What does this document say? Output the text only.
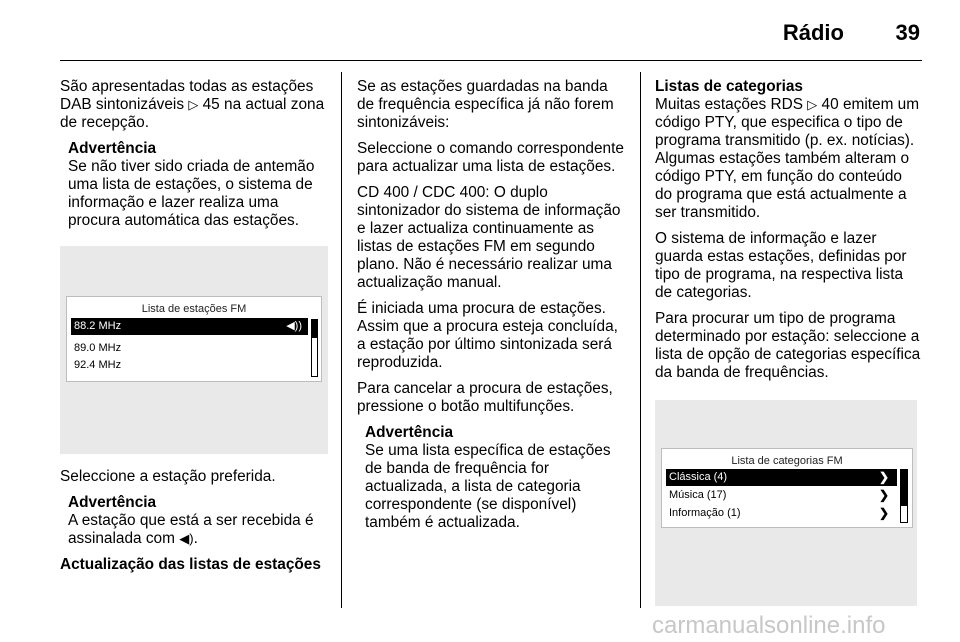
Rádio 39

São apresentadas todas as estações DAB sintonizáveis ▷ 45 na actual zona de recepção.

Advertência
Se não tiver sido criada de antemão uma lista de estações, o sistema de informação e lazer realiza uma procura automática das estações.
Lista de estações FM
88.2 MHz	◀))
89.0 MHz
92.4 MHz

Seleccione a estação preferida.

Advertência
A estação que está a ser recebida é assinalada com ◀).
Actualização das listas de estações

Se as estações guardadas na banda de frequência específica já não forem sintonizáveis:

Seleccione o comando correspondente para actualizar uma lista de estações.

CD 400 / CDC 400: O duplo sintonizador do sistema de informação e lazer actualiza continuamente as listas de estações FM em segundo plano. Não é necessário realizar uma actualização manual.

É iniciada uma procura de estações. Assim que a procura esteja concluída, a estação por último sintonizada será reproduzida.

Para cancelar a procura de estações, pressione o botão multifunções.

Advertência
Se uma lista específica de estações de banda de frequência for actualizada, a lista de categoria correspondente (se disponível) também é actualizada.
Listas de categorias

Muitas estações RDS ▷ 40 emitem um código PTY, que especifica o tipo de programa transmitido (p. ex. notícias). Algumas estações também alteram o código PTY, em função do conteúdo do programa que está actualmente a ser transmitido.

O sistema de informação e lazer guarda estas estações, definidas por tipo de programa, na respectiva lista de categorias.

Para procurar um tipo de programa determinado por estação: seleccione a lista de opção de categorias específica da banda de frequências.

Lista de categorias FM
Clássica (4)	❯
Música (17)	❯
Informação (1)	❯
carmanualsonline.info
